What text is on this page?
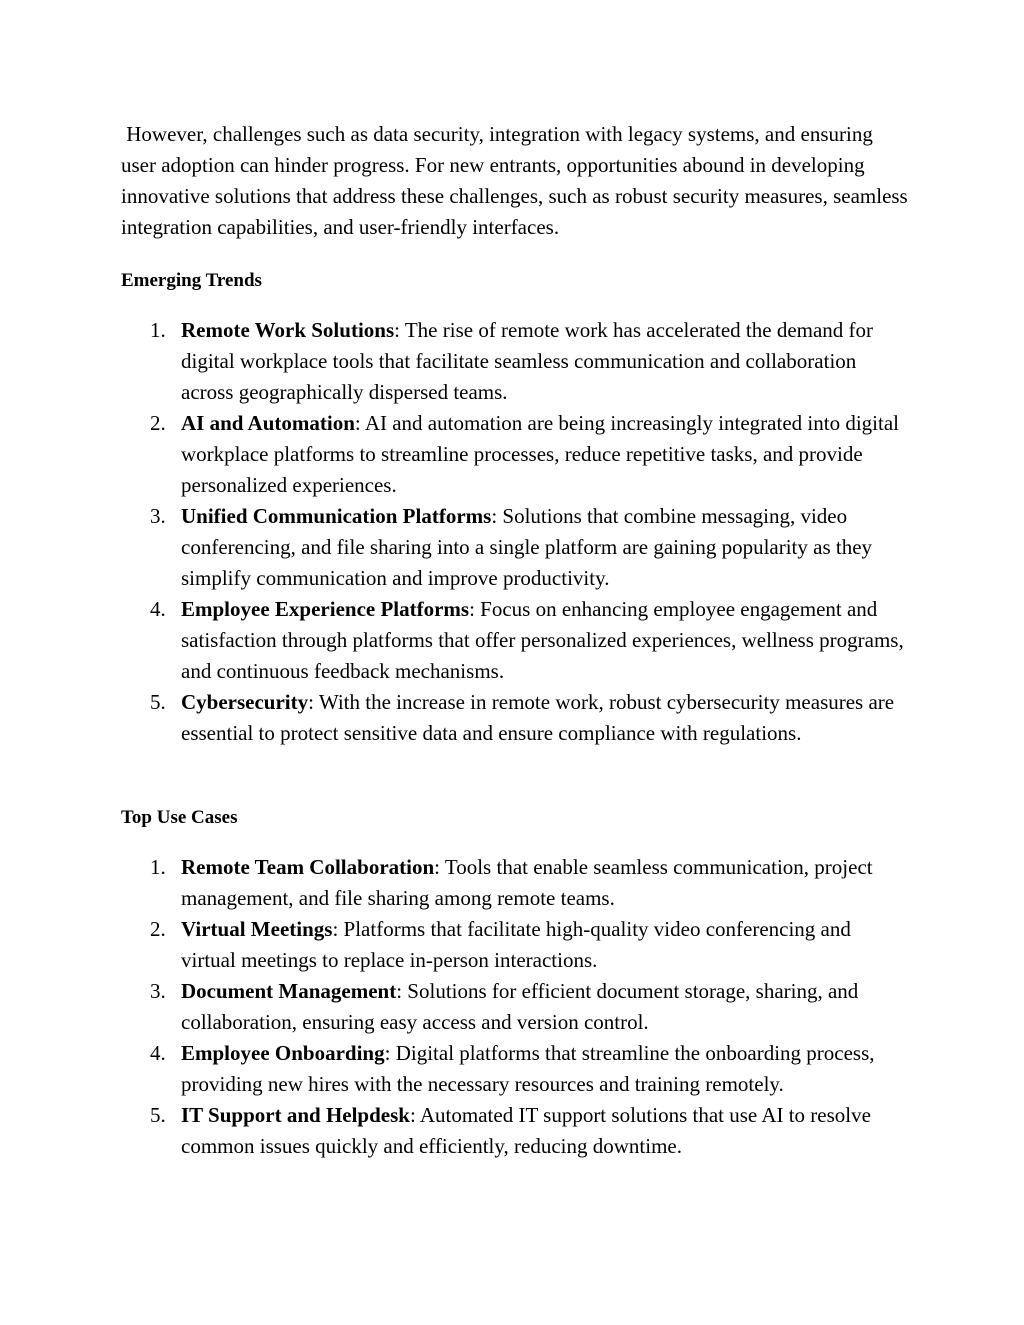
However, challenges such as data security, integration with legacy systems, and ensuring user adoption can hinder progress. For new entrants, opportunities abound in developing innovative solutions that address these challenges, such as robust security measures, seamless integration capabilities, and user-friendly interfaces.

Emerging Trends
1. Remote Work Solutions: The rise of remote work has accelerated the demand for digital workplace tools that facilitate seamless communication and collaboration across geographically dispersed teams.
2. AI and Automation: AI and automation are being increasingly integrated into digital workplace platforms to streamline processes, reduce repetitive tasks, and provide personalized experiences.
3. Unified Communication Platforms: Solutions that combine messaging, video conferencing, and file sharing into a single platform are gaining popularity as they simplify communication and improve productivity.
4. Employee Experience Platforms: Focus on enhancing employee engagement and satisfaction through platforms that offer personalized experiences, wellness programs, and continuous feedback mechanisms.
5. Cybersecurity: With the increase in remote work, robust cybersecurity measures are essential to protect sensitive data and ensure compliance with regulations.
Top Use Cases
1. Remote Team Collaboration: Tools that enable seamless communication, project management, and file sharing among remote teams.
2. Virtual Meetings: Platforms that facilitate high-quality video conferencing and virtual meetings to replace in-person interactions.
3. Document Management: Solutions for efficient document storage, sharing, and collaboration, ensuring easy access and version control.
4. Employee Onboarding: Digital platforms that streamline the onboarding process, providing new hires with the necessary resources and training remotely.
5. IT Support and Helpdesk: Automated IT support solutions that use AI to resolve common issues quickly and efficiently, reducing downtime.
